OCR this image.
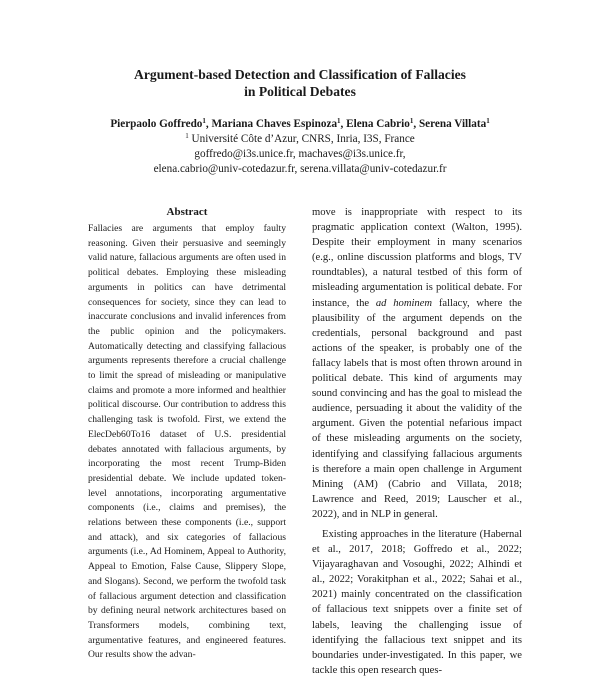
Argument-based Detection and Classification of Fallacies
in Political Debates
Pierpaolo Goffredo$^1$, Mariana Chaves Espinoza$^1$, Elena Cabrio$^1$, Serena Villata$^1$
$^1$ Université Côte d’Azur, CNRS, Inria, I3S, France
goffredo@i3s.unice.fr, machaves@i3s.unice.fr,
elena.cabrio@univ-cotedazur.fr, serena.villata@univ-cotedazur.fr
Abstract
Fallacies are arguments that employ faulty reasoning. Given their persuasive and seemingly valid nature, fallacious arguments are often used in political debates. Employing these misleading arguments in politics can have detrimental consequences for society, since they can lead to inaccurate conclusions and invalid inferences from the public opinion and the policymakers. Automatically detecting and classifying fallacious arguments represents therefore a crucial challenge to limit the spread of misleading or manipulative claims and promote a more informed and healthier political discourse. Our contribution to address this challenging task is twofold. First, we extend the ElecDeb60To16 dataset of U.S. presidential debates annotated with fallacious arguments, by incorporating the most recent Trump-Biden presidential debate. We include updated token-level annotations, incorporating argumentative components (i.e., claims and premises), the relations between these components (i.e., support and attack), and six categories of fallacious arguments (i.e., Ad Hominem, Appeal to Authority, Appeal to Emotion, False Cause, Slippery Slope, and Slogans). Second, we perform the twofold task of fallacious argument detection and classification by defining neural network architectures based on Transformers models, combining text, argumentative features, and engineered features. Our results show the advan-

move is inappropriate with respect to its pragmatic application context (Walton, 1995). Despite their employment in many scenarios (e.g., online discussion platforms and blogs, TV roundtables), a natural testbed of this form of misleading argumentation is political debate. For instance, the ad hominem fallacy, where the plausibility of the argument depends on the credentials, personal background and past actions of the speaker, is probably one of the fallacy labels that is most often thrown around in political debate. This kind of arguments may sound convincing and has the goal to mislead the audience, persuading it about the validity of the argument. Given the potential nefarious impact of these misleading arguments on the society, identifying and classifying fallacious arguments is therefore a main open challenge in Argument Mining (AM) (Cabrio and Villata, 2018; Lawrence and Reed, 2019; Lauscher et al., 2022), and in NLP in general.

Existing approaches in the literature (Habernal et al., 2017, 2018; Goffredo et al., 2022; Vijayaraghavan and Vosoughi, 2022; Alhindi et al., 2022; Vorakitphan et al., 2022; Sahai et al., 2021) mainly concentrated on the classification of fallacious text snippets over a finite set of labels, leaving the challenging issue of identifying the fallacious text snippet and its boundaries under-investigated. In this paper, we tackle this open research ques-
